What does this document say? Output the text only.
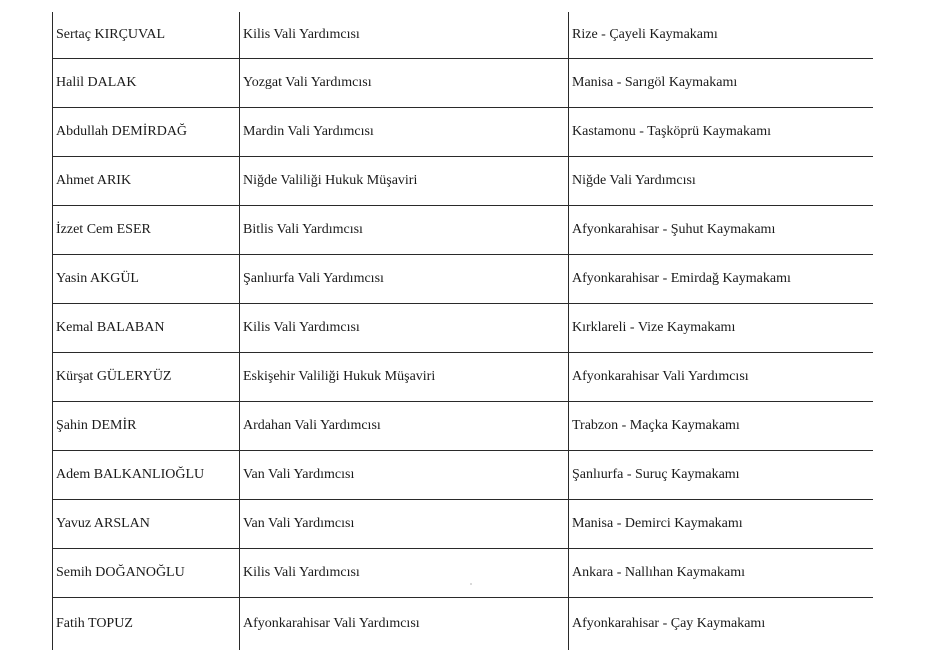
Sertaç KIRÇUVAL	Kilis Vali Yardımcısı	Rize - Çayeli Kaymakamı
Halil DALAK	Yozgat Vali Yardımcısı	Manisa - Sarıgöl Kaymakamı
Abdullah DEMİRDAĞ	Mardin Vali Yardımcısı	Kastamonu - Taşköprü Kaymakamı
Ahmet ARIK	Niğde Valiliği Hukuk Müşaviri	Niğde Vali Yardımcısı
İzzet Cem ESER	Bitlis Vali Yardımcısı	Afyonkarahisar - Şuhut Kaymakamı
Yasin AKGÜL	Şanlıurfa Vali Yardımcısı	Afyonkarahisar - Emirdağ Kaymakamı
Kemal BALABAN	Kilis Vali Yardımcısı	Kırklareli - Vize Kaymakamı
Kürşat GÜLERYÜZ	Eskişehir Valiliği Hukuk Müşaviri	Afyonkarahisar Vali Yardımcısı
Şahin DEMİR	Ardahan Vali Yardımcısı	Trabzon - Maçka Kaymakamı
Adem BALKANLIOĞLU	Van Vali Yardımcısı	Şanlıurfa - Suruç Kaymakamı
Yavuz ARSLAN	Van Vali Yardımcısı	Manisa - Demirci Kaymakamı
Semih DOĞANOĞLU	Kilis Vali Yardımcısı	Ankara - Nallıhan Kaymakamı
Fatih TOPUZ	Afyonkarahisar Vali Yardımcısı	Afyonkarahisar - Çay Kaymakamı
